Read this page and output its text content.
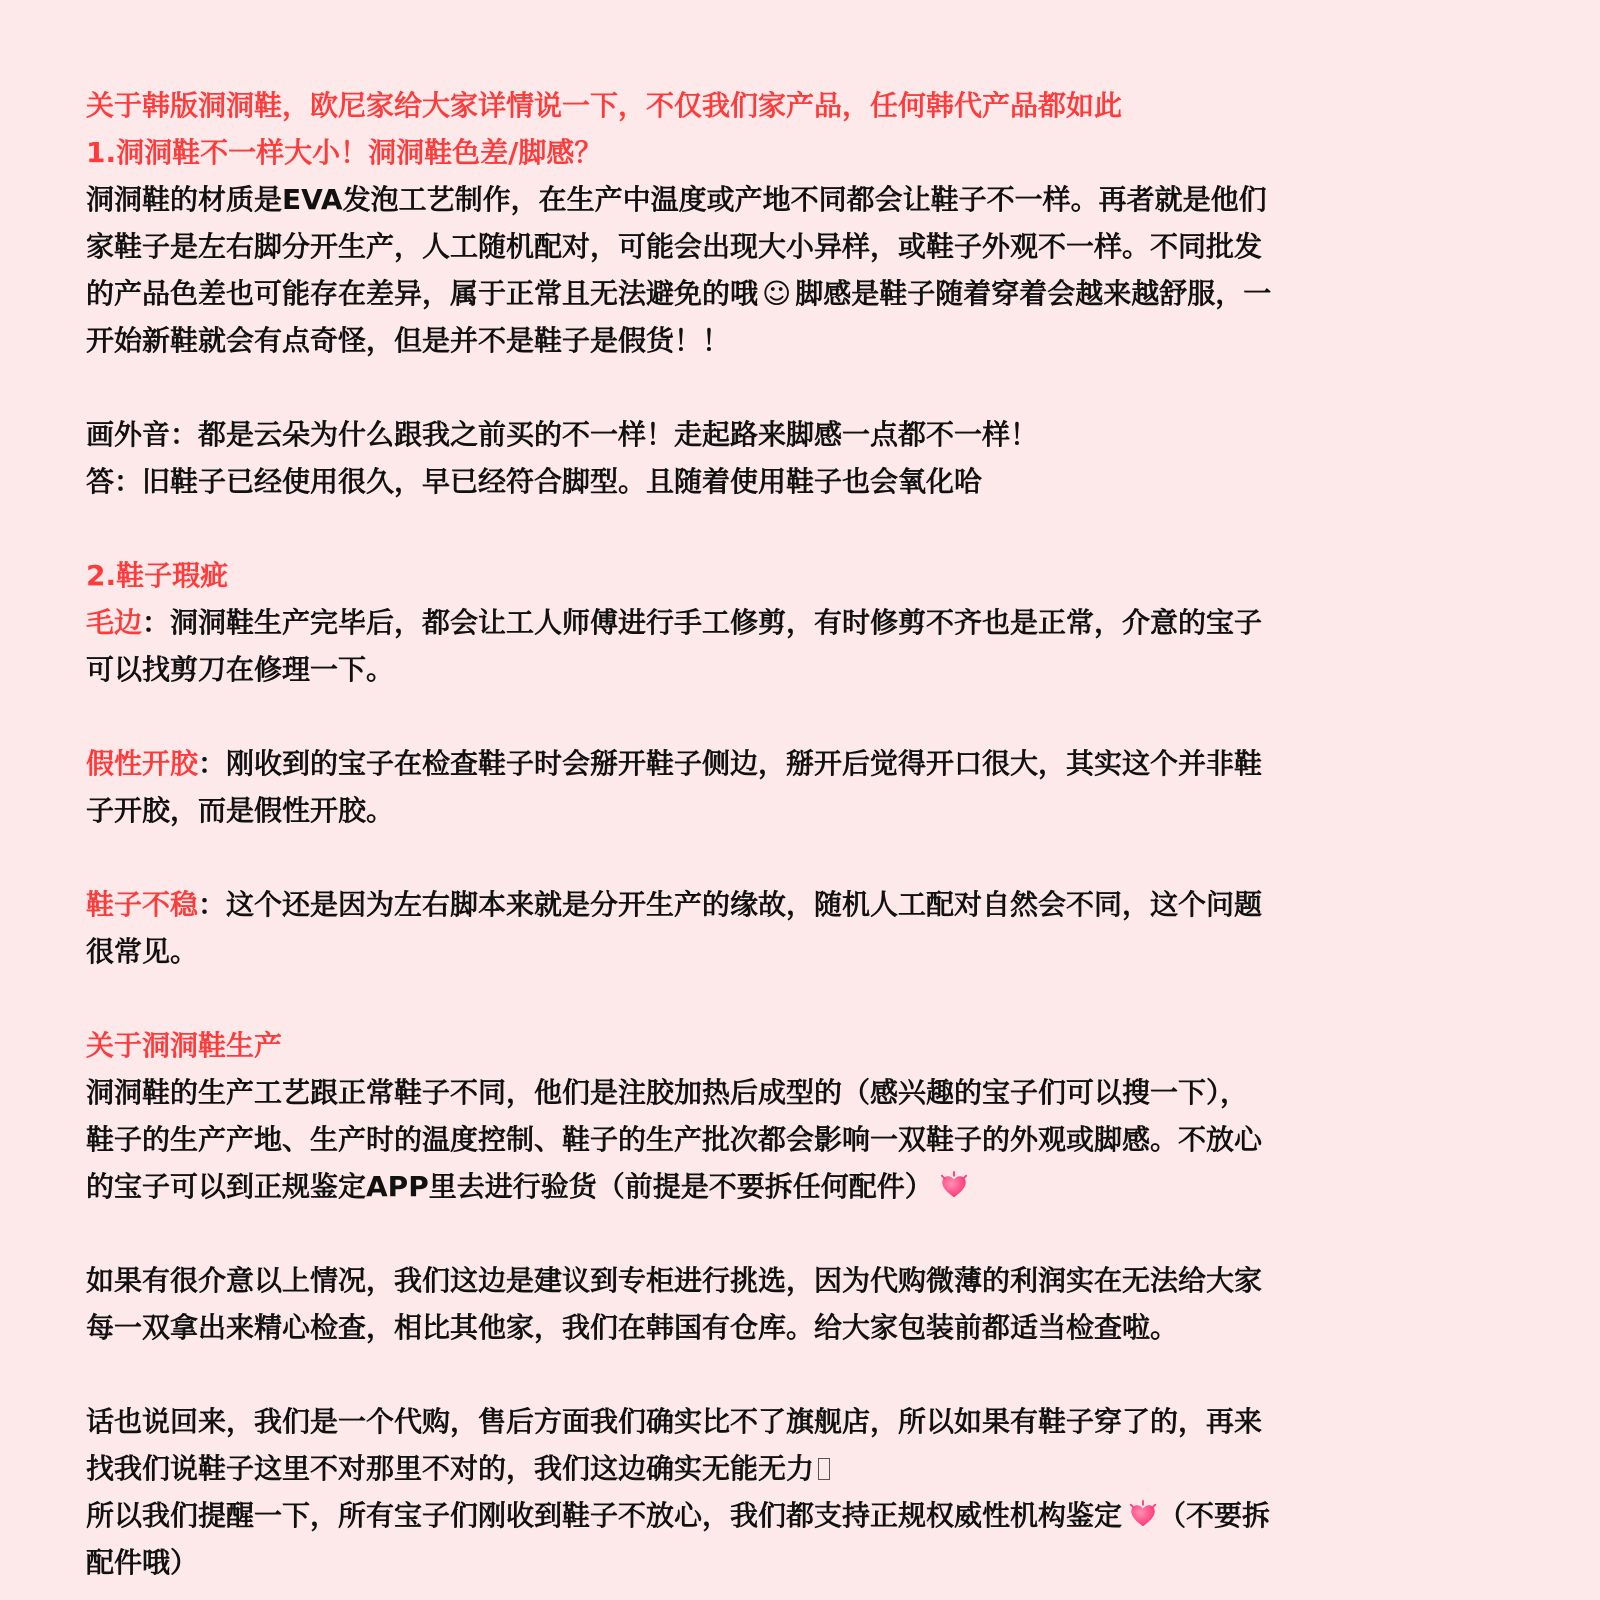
关于韩版洞洞鞋，欧尼家给大家详情说一下，不仅我们家产品，任何韩代产品都如此
1.洞洞鞋不一样大小！洞洞鞋色差/脚感？
洞洞鞋的材质是EVA发泡工艺制作，在生产中温度或产地不同都会让鞋子不一样。再者就是他们
家鞋子是左右脚分开生产，人工随机配对，可能会出现大小异样，或鞋子外观不一样。不同批发
的产品色差也可能存在差异，属于正常且无法避免的哦 ☺ 脚感是鞋子随着穿着会越来越舒服，一
开始新鞋就会有点奇怪，但是并不是鞋子是假货！！
画外音：都是云朵为什么跟我之前买的不一样！走起路来脚感一点都不一样！
答：旧鞋子已经使用很久，早已经符合脚型。且随着使用鞋子也会氧化哈
2.鞋子瑕疵
毛边：洞洞鞋生产完毕后，都会让工人师傅进行手工修剪，有时修剪不齐也是正常，介意的宝子
可以找剪刀在修理一下。
假性开胶：刚收到的宝子在检查鞋子时会掰开鞋子侧边，掰开后觉得开口很大，其实这个并非鞋
子开胶，而是假性开胶。
鞋子不稳：这个还是因为左右脚本来就是分开生产的缘故，随机人工配对自然会不同，这个问题
很常见。
关于洞洞鞋生产
洞洞鞋的生产工艺跟正常鞋子不同，他们是注胶加热后成型的（感兴趣的宝子们可以搜一下），
鞋子的生产产地、生产时的温度控制、鞋子的生产批次都会影响一双鞋子的外观或脚感。不放心
的宝子可以到正规鉴定APP里去进行验货（前提是不要拆任何配件）
如果有很介意以上情况，我们这边是建议到专柜进行挑选，因为代购微薄的利润实在无法给大家
每一双拿出来精心检查，相比其他家，我们在韩国有仓库。给大家包装前都适当检查啦。
话也说回来，我们是一个代购，售后方面我们确实比不了旗舰店，所以如果有鞋子穿了的，再来
找我们说鞋子这里不对那里不对的，我们这边确实无能无力
所以我们提醒一下，所有宝子们刚收到鞋子不放心，我们都支持正规权威性机构鉴定 （不要拆
配件哦）
